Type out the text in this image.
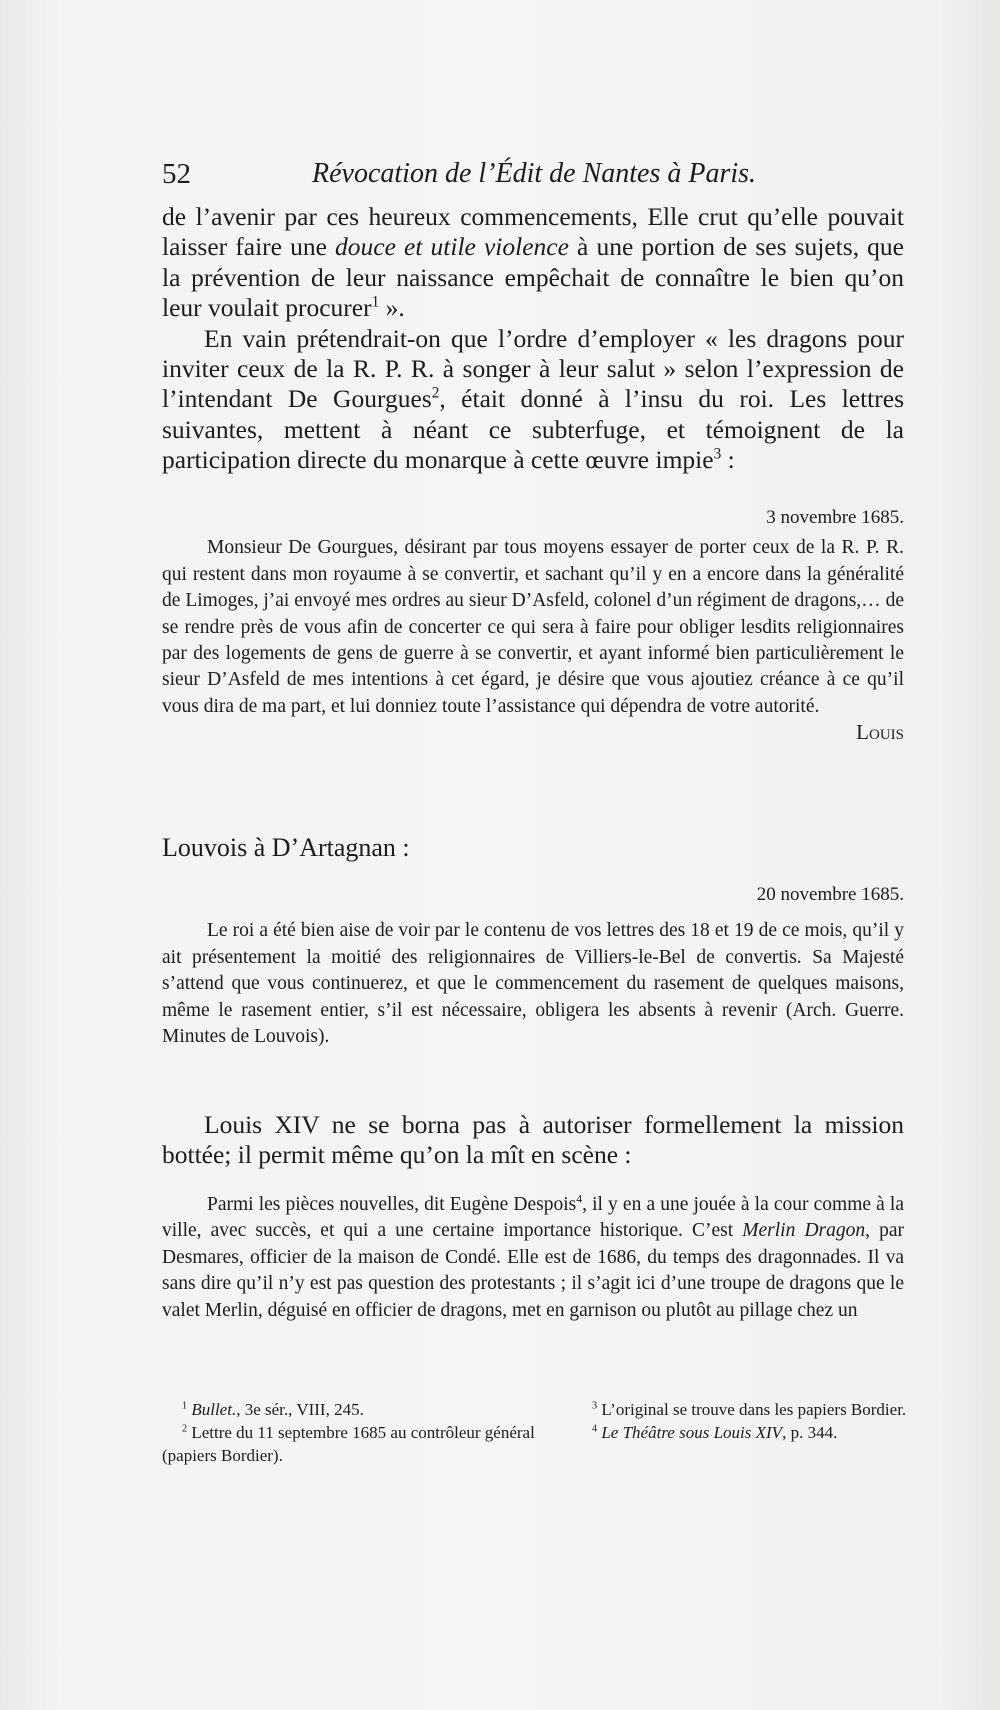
52	Révocation de l’Édit de Nantes à Paris.

de l’avenir par ces heureux commencements, Elle crut qu’elle pouvait laisser faire une douce et utile violence à une portion de ses sujets, que la prévention de leur naissance empêchait de connaître le bien qu’on leur voulait procurer$^1$ ».

En vain prétendrait-on que l’ordre d’employer « les dragons pour inviter ceux de la R. P. R. à songer à leur salut » selon l’expression de l’intendant De Gourgues$^2$, était donné à l’insu du roi. Les lettres suivantes, mettent à néant ce subterfuge, et témoignent de la participation directe du monarque à cette œuvre impie$^3$ :

3 novembre 1685.

Monsieur De Gourgues, désirant par tous moyens essayer de porter ceux de la R. P. R. qui restent dans mon royaume à se convertir, et sachant qu’il y en a encore dans la généralité de Limoges, j’ai envoyé mes ordres au sieur D’Asfeld, colonel d’un régiment de dragons,… de se rendre près de vous afin de concerter ce qui sera à faire pour obliger lesdits religionnaires par des logements de gens de guerre à se convertir, et ayant informé bien particulièrement le sieur D’Asfeld de mes intentions à cet égard, je désire que vous ajoutiez créance à ce qu’il vous dira de ma part, et lui donniez toute l’assistance qui dépendra de votre autorité.

Louis

Louvois à D’Artagnan :

20 novembre 1685.

Le roi a été bien aise de voir par le contenu de vos lettres des 18 et 19 de ce mois, qu’il y ait présentement la moitié des religionnaires de Villiers-le-Bel de convertis. Sa Majesté s’attend que vous continuerez, et que le commencement du rasement de quelques maisons, même le rasement entier, s’il est nécessaire, obligera les absents à revenir (Arch. Guerre. Minutes de Louvois).

Louis XIV ne se borna pas à autoriser formellement la mission bottée; il permit même qu’on la mît en scène :

Parmi les pièces nouvelles, dit Eugène Despois$^4$, il y en a une jouée à la cour comme à la ville, avec succès, et qui a une certaine importance historique. C’est Merlin Dragon, par Desmares, officier de la maison de Condé. Elle est de 1686, du temps des dragonnades. Il va sans dire qu’il n’y est pas question des protestants ; il s’agit ici d’une troupe de dragons que le valet Merlin, déguisé en officier de dragons, met en garnison ou plutôt au pillage chez un

$^1$ Bullet., 3e sér., VIII, 245.

$^2$ Lettre du 11 septembre 1685 au contrôleur général (papiers Bordier).

$^3$ L’original se trouve dans les papiers Bordier.

$^4$ Le Théâtre sous Louis XIV, p. 344.
